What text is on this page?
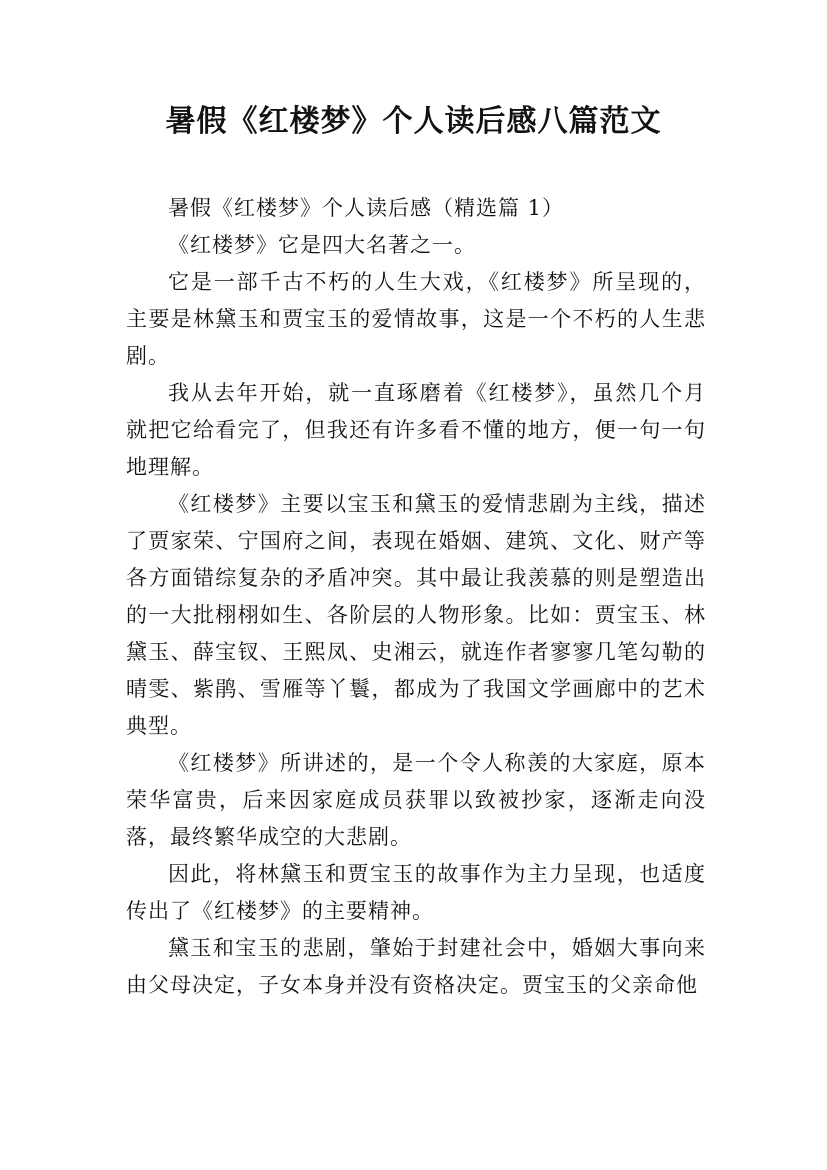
暑假《红楼梦》个人读后感八篇范文

暑假《红楼梦》个人读后感（精选篇 1）

《红楼梦》它是四大名著之一。

它是一部千古不朽的人生大戏，《红楼梦》所呈现的，主要是林黛玉和贾宝玉的爱情故事，这是一个不朽的人生悲剧。

我从去年开始，就一直琢磨着《红楼梦》，虽然几个月就把它给看完了，但我还有许多看不懂的地方，便一句一句地理解。

《红楼梦》主要以宝玉和黛玉的爱情悲剧为主线，描述了贾家荣、宁国府之间，表现在婚姻、建筑、文化、财产等各方面错综复杂的矛盾冲突。其中最让我羡慕的则是塑造出的一大批栩栩如生、各阶层的人物形象。比如：贾宝玉、林黛玉、薛宝钗、王熙凤、史湘云，就连作者寥寥几笔勾勒的晴雯、紫鹃、雪雁等丫鬟，都成为了我国文学画廊中的艺术典型。

《红楼梦》所讲述的，是一个令人称羡的大家庭，原本荣华富贵，后来因家庭成员获罪以致被抄家，逐渐走向没落，最终繁华成空的大悲剧。

因此，将林黛玉和贾宝玉的故事作为主力呈现，也适度传出了《红楼梦》的主要精神。

黛玉和宝玉的悲剧，肇始于封建社会中，婚姻大事向来由父母决定，子女本身并没有资格决定。贾宝玉的父亲命他
